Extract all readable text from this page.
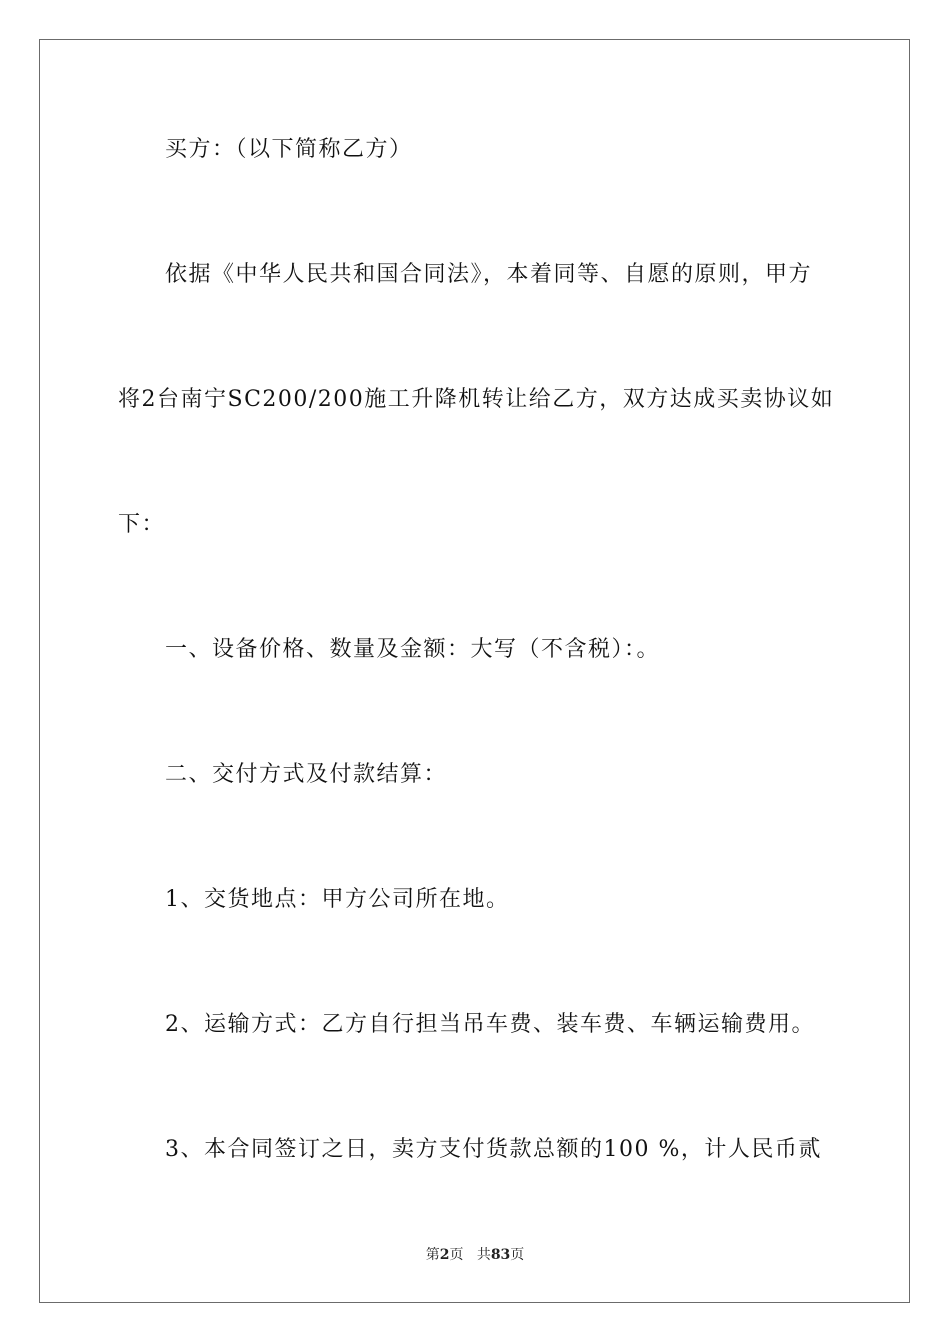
买方：（以下简称乙方）
依据《中华人民共和国合同法》，本着同等、自愿的原则，甲方
将2台南宁SC200/200施工升降机转让给乙方，双方达成买卖协议如
下：
一、设备价格、数量及金额：大写（不含税）：。
二、交付方式及付款结算：
1、交货地点：甲方公司所在地。
2、运输方式：乙方自行担当吊车费、装车费、车辆运输费用。
3、本合同签订之日，卖方支付货款总额的100 %，计人民币贰
第2页 共83页
